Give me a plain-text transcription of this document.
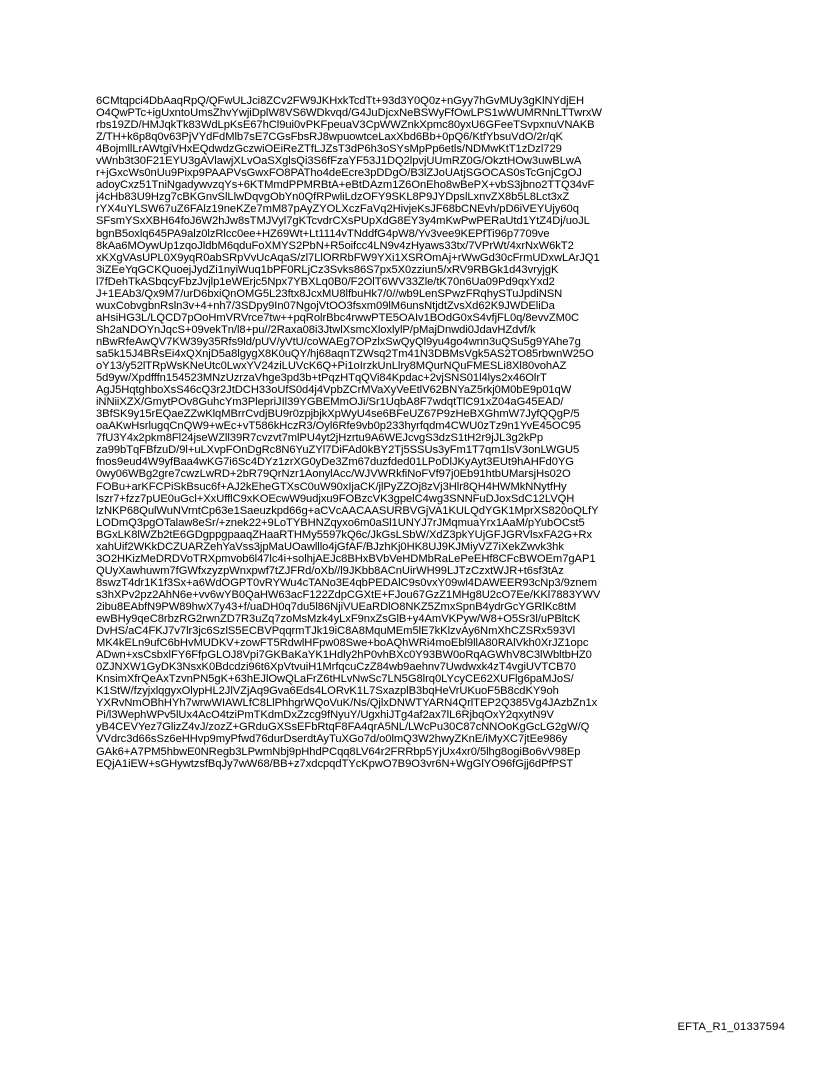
6CMtqpci4DbAaqRpQ/QFwULJci8ZCv2FW9JKHxkTcdTt+93d3Y0Q0z+nGyy7hGvMUy3gKlNYdjEH
O4QwPTc+igUxntoUmsZhvYwjiDplW8VS6WDkvqd/G4JuDjcxNeBSWyFfOwLPS1wWUMRNnLTTwrxW
rbs19ZD/HMJqkTk83WdLpKsE67hCl9ui0vPKFpeuaV3CpWWZnkXpmc80yxU6GFeeTSvpxnuVNAKB
Z/TH+k6p8q0v63PjVYdFdMlb7sE7CGsFbsRJ8wpuowtceLaxXbd6Bb+0pQ6/KtfYbsuVdO/2r/qK
4BojmllLrAWtgiVHxEQdwdzGczwiOEiReZTfLJZsT3dP6h3oSYsMpPp6etls/NDMwKtT1zDzl729
vWnb3t30F21EYU3gAVlawjXLvOaSXglsQi3S6fFzaYF53J1DQ2lpvjUUmRZ0G/OkztHOw3uwBLwA
r+jGxcWs0nUu9Pixp9PAAPVsGwxFO8PATho4deEcre3pDDgO/B3lZJoUAtjSGOCAS0sTcGnjCgOJ
adoyCxz51TniNgadywvzqYs+6KTMmdPPMRBtA+eBtDAzm1Z6OnEho8wBePX+vbS3jbno2TTQ34vF
j4cHb83U9Hzg7cBKGnvSlLlwDqvgObYn0QfRPwliLdzOFY9SKL8P9JYDpslLxnvZX8b5L8Lct3xZ
rYX4uYLSW67uZ6FAlz19neKZe7mM87pAyZYOLXczFaVq2HivjeKsJF68bCNEvh/pD6iVEYUjy60q
SFsmYSxXBH64foJ6W2hJw8sTMJVyl7gKTcvdrCXsPUpXdG8EY3y4mKwPwPERaUtd1YtZ4Dj/uoJL
bgnB5oxlq645PA9alz0lzRlcc0ee+HZ69Wt+Lt1114vTNddfG4pW8/Yv3vee9KEPfTi96p7709ve
8kAa6MOywUp1zqoJldbM6qduFoXMYS2PbN+R5oifcc4LN9v4zHyaws33tx/7VPrWt/4xrNxW6kT2
xKXgVAsUPL0X9yqR0abSRpVvUcAqaS/zl7LlORRbFW9YXi1XSROmAj+rWwGd30cFrmUDxwLArJQ1
3iZEeYqGCKQuoejJydZi1nyiWuq1bPF0RLjCz3Svks86S7px5X0zziun5/xRV9RBGk1d43vryjgK
l7fDehTkASbqcyFbzJvjlp1eWErjc5Npx7YBXLq0B0/F2OlT6WV33Zle/tK70n6Ua09Pd9qxYxd2
J+1EAb3/Qx9M7/urD6bxiQnOMG5L23ftx8JcxMU8lfbuHk7/0//wb9LenSPwzFRqhySTuJpdiNSN
wuxCobvgbnRsln3v+4+nh7/3SDpy9In07NgojVtOO3fsxm09lM6unsNtjdtZvsXd62K9JWDEliDa
aHsiHG3L/LQCD7pOoHmVRVrce7tw++pqRolrBbc4rwwPTE5OAIv1BOdG0xS4vfjFL0q/8evvZM0C
Sh2aNDOYnJqcS+09vekTn/l8+pu//2Raxa08i3JtwlXsmcXloxlylP/pMajDnwdi0JdavHZdvf/k
nBwRfeAwQV7KW39y35Rfs9ld/pUV/yVtU/coWAEg7OPzlxSwQyQl9yu4go4wnn3uQSu5g9YAhe7g
sa5k15J4BRsEi4xQXnjD5a8lgygX8K0uQY/hj68aqnTZWsq2Tm41N3DBMsVgk5AS2TO85rbwnW25O
oY13/y52lTRpWsKNeUtc0LwxYV24ziLUVcK6Q+Pi1oIrzkUnLlry8MQurNQuFMESLi8Xl80vohAZ
5d9yw/Xpdfffn154523MNzUzrzaVhge3pd3b+tPqzHTqQVi84Kpdac+2vjSNS01l4lys2x46OlrT
AgJ5HqtghboXsS46cQ3r2JtDCH33oUfS0d4j4VpbZCrMVaXyVeEtlV62BNYaZ5rkj0M0bE9p01qW
iNNiiXZX/GmytPOv8GuhcYm3PlepriJIl39YGBEMmOJi/Sr1UqbA8F7wdqtTlC91xZ04aG45EAD/
3BfSK9y15rEQaeZZwKlqMBrrCvdjBU9r0zpjbjkXpWyU4se6BFeUZ67P9zHeBXGhmW7JyfQQgP/5
oaAKwHsrlugqCnQW9+wEc+vT586kHczR3/Oyl6Rfe9vb0p233hyrfqdm4CWU0zTz9n1YvE45OC95
7fU3Y4x2pkm8Fl24jseWZll39R7cvzvt7mlPU4yt2jHzrtu9A6WEJcvgS3dzS1tH2r9jJL3g2kPp
za99bTqFBfzuD/9l+uLXvpFOnDgRc8N6YuZYl7DiFAd0kBY2Tj5SSUs3yFm1T7qm1lsV3onLWGU5
fnos9eud4W9yfBaa4wKG7i6Sc4DYz1zrXG0yDe3Zm67duzfded01LPoDlJKyAyt3EUt9hAHFd0YG
0wy06WBg2gre7cwzLwRD+2bR79QrNzr1AonylAcc/WJVWRkfiNoFVf97j0Eb91htbUMarsjHs02O
FOBu+arKFCPiSkBsuc6f+AJ2kEheGTXsC0uW90xIjaCK/jlPyZZOj8zVj3Hlr8QH4HWMkNNytfHy
lszr7+fzz7pUE0uGcl+XxUfflC9xKOEcwW9udjxu9FOBzcVK3gpelC4wg3SNNFuDJoxSdC12LVQH
lzNKP68QulWuNVrntCp63e1Saeuzkpd66g+aCVcAACAASURBVGjVA1KULQdYGK1MprXS820oQLfY
LODmQ3pgOTalaw8eSr/+znek22+9LoTYBHNZqyxo6m0aSl1UNYJ7rJMqmuaYrx1AaM/pYubOCst5
BGxLK8lWZb2tE6GDgppgpaaqZHaaRTHMy5597kQ6c/JkGsLSbW/XdZ3pkYUjGFJGRVlsxFA2G+Rx
xahUif2WKkDCZUARZehYaVss3jpMaUOawlllo4jGfAF/BJzhKj0HK8UJ9KJMiyVZ7iXekZwvk3hk
3O2HKizMeDRDVoTRXpmvob6l47lc4i+solhjAEJc8BHxBVbVeHDMbRaLePeEHf8CFcBWOEm7gAP1
QUyXawhuwm7fGWfxzyzpWnxpwf7tZJFRd/oXb//l9JKbb8ACnUirWH99LJTzCzxtWJR+t6sf3tAz
8swzT4dr1K1f3Sx+a6WdOGPT0vRYWu4cTANo3E4qbPEDAlC9s0vxY09wl4DAWEER93cNp3/9znem
s3hXPv2pz2AhN6e+vv6wYB0QaHW63acF122ZdpCGXtE+FJou67GzZ1MHg8U2cO7Ee/KKl7883YWV
2ibu8EAbfN9PW89hwX7y43+f/uaDH0q7du5l86NjiVUEaRDlO8NKZ5ZmxSpnB4ydrGcYGRlKc8tM
ewBHy9qeC8rbzRG2rwnZD7R3uZq7zoMsMzk4yLxF9nxZsGlB+y4AmVKPyw/W8+O5Sr3l/uPBltcK
DvHS/aC4FKJ7v7lr3jc6SzlS5ECBVPqqrmTJk19iC8A8MquMEm5lE7kKlzvAy6NmXhCZSRx593Vl
MK4kELn9ufC6bHvMUDKV+zowFT5RdwlHFpw08Swe+boAQhWRi4moEbl9llA80RAlVkh0XrJZ1opc
ADwn+xsCsbxlFY6FfpGLOJ8Vpi7GKBaKaYK1Hdly2hP0vhBXc0Y93BW0oRqAGWhV8C3lWbltbHZ0
0ZJNXW1GyDK3NsxK0Bdcdzi96t6XpVtvuiH1MrfqcuCzZ84wb9aehnv7Uwdwxk4zT4vgiUVTCB70
KnsimXfrQeAxTzvnPN5gK+63hEJlOwQLaFrZ6tHLvNwSc7LN5G8lrq0LYcyCE62XUFlg6paMJoS/
K1StW/fzyjxlqgyxOlypHL2JlVZjAq9Gva6Eds4LORvK1L7SxazplB3bqHeVrUKuoF5B8cdKY9oh
YXRvNmOBhHYh7wrwWIAWLfC8LlPhhgrWQoVuK/Ns/QjlxDNWTYARN4QrlTEP2Q385Vg4JAzbZn1x
Pi/l3WephWPv5lUx4AcO4tziPmTKdmDxZzcg9fNyuY/UgxhiJTg4af2ax7lL6RjbqOxY2qxytN9V
yB4CEVYez7GlizZ4vJ/zozZ+GRduGXSsEFbRtqF8FA4qrA5NL/LWcPu30C87cNNOoKgGcLG2gW/Q
VVdrc3d66sSz6eHHvp9myPfwd76durDserdtAyTuXGo7d/o0lmQ3W2hwyZKnE/iMyXC7jtEe986y
GAk6+A7PM5hbwE0NRegb3LPwmNbj9pHhdPCqq8LV64r2FRRbp5YjUx4xr0/5lhg8ogiBo6vV98Ep
EQjA1iEW+sGHywtzsfBqJy7wW68/BB+z7xdcpqdTYcKpwO7B9O3vr6N+WgGlYO96fGjj6dPfPST
EFTA_R1_01337594
